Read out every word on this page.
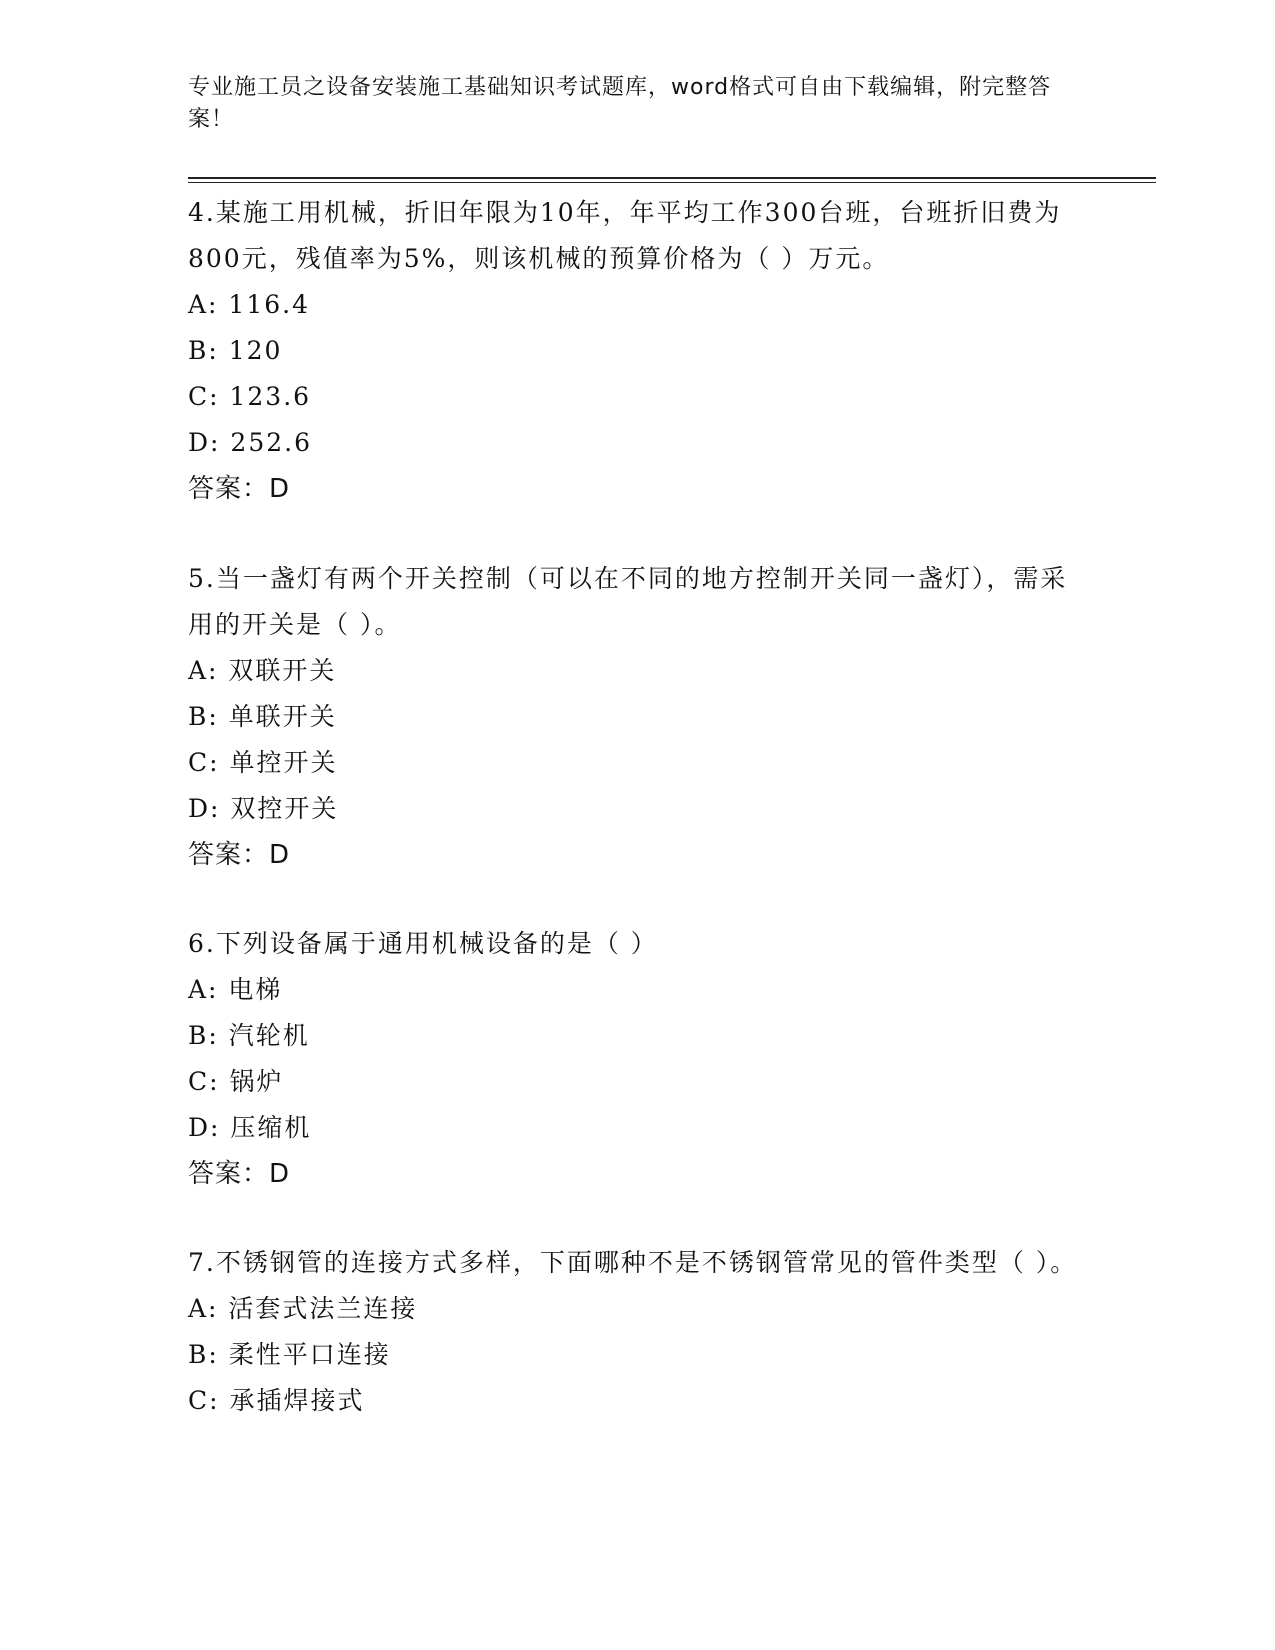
专业施工员之设备安装施工基础知识考试题库，word格式可自由下载编辑，附完整答案！
4.某施工用机械，折旧年限为10年，年平均工作300台班，台班折旧费为800元，残值率为5%，则该机械的预算价格为（ ）万元。
A: 116.4
B: 120
C: 123.6
D: 252.6
答案：D
5.当一盏灯有两个开关控制（可以在不同的地方控制开关同一盏灯），需采用的开关是（ ）。
A: 双联开关
B: 单联开关
C: 单控开关
D: 双控开关
答案：D
6.下列设备属于通用机械设备的是（ ）
A: 电梯
B: 汽轮机
C: 锅炉
D: 压缩机
答案：D
7.不锈钢管的连接方式多样，下面哪种不是不锈钢管常见的管件类型（ ）。
A: 活套式法兰连接
B: 柔性平口连接
C: 承插焊接式
